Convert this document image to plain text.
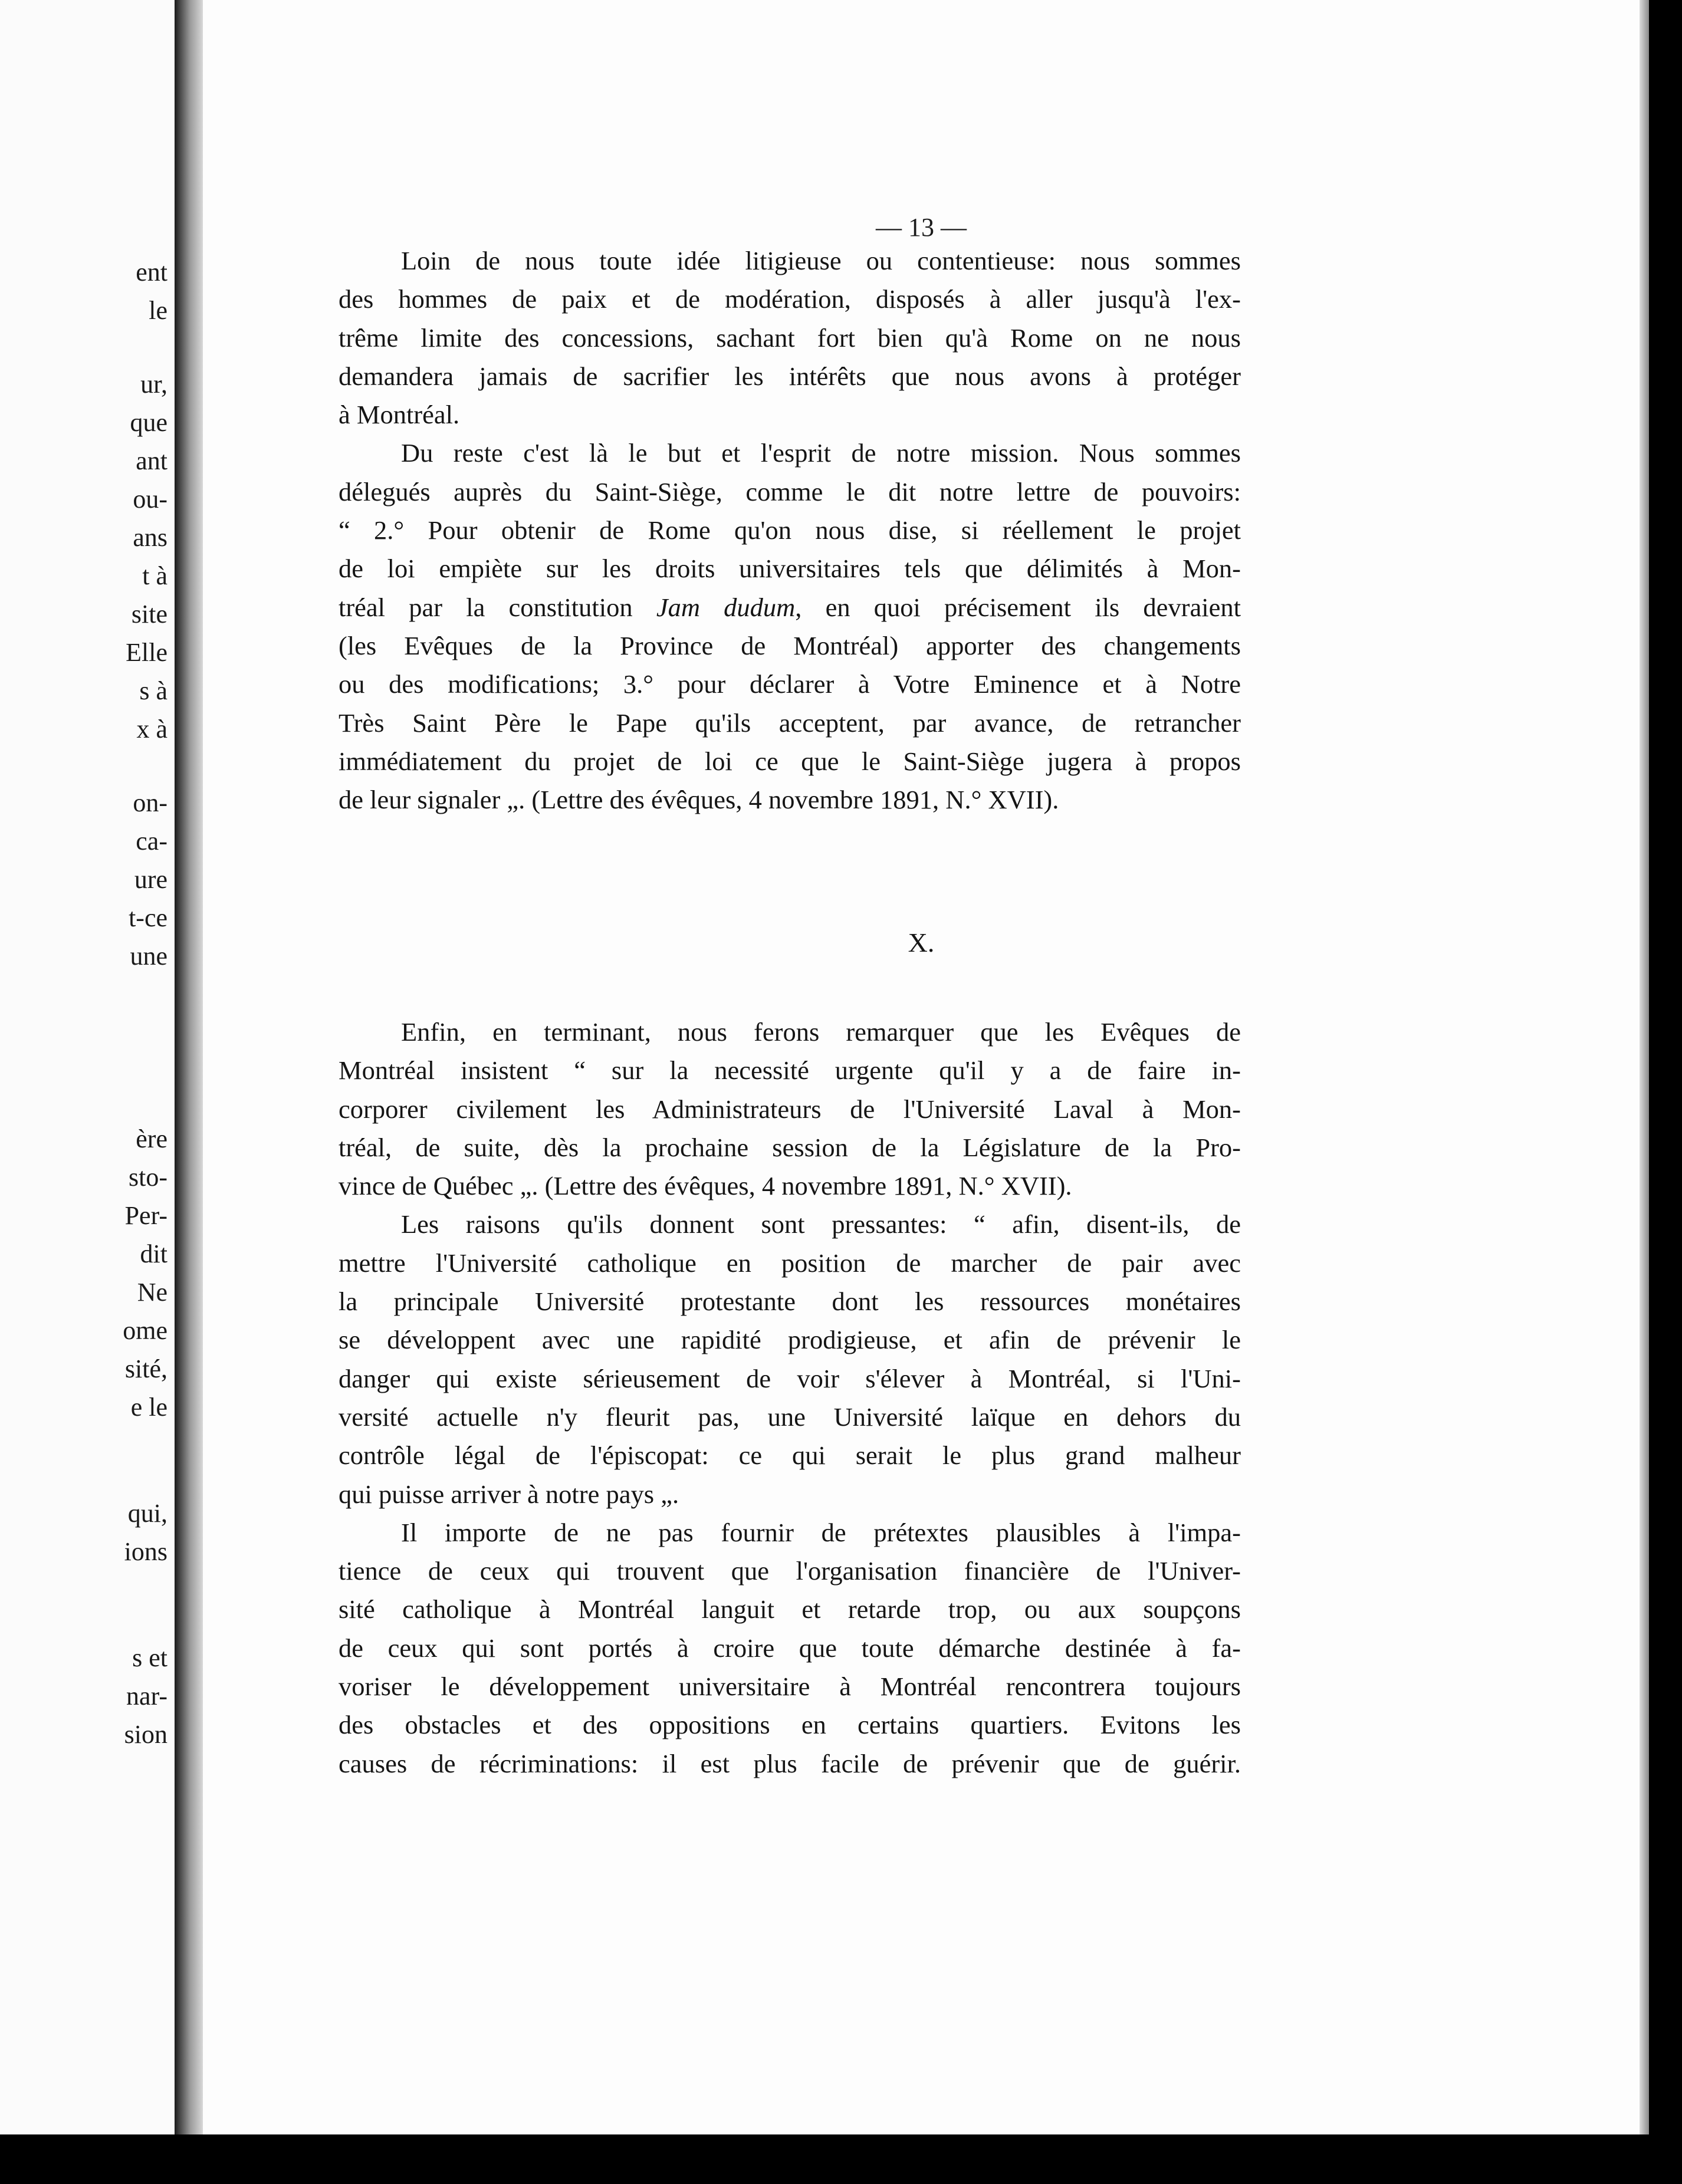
ent
le
ur,
que
ant
ou-
ans
t à
site
Elle
s à
x à
on-
ca-
ure
t-ce
une
ère
sto-
Per-
dit
Ne
ome
sité,
e le
qui,
ions
s et
nar-
sion
— 13 —
Loin de nous toute idée litigieuse ou contentieuse: nous sommes
des hommes de paix et de modération, disposés à aller jusqu'à l'ex-
trême limite des concessions, sachant fort bien qu'à Rome on ne nous
demandera jamais de sacrifier les intérêts que nous avons à protéger
à Montréal.
Du reste c'est là le but et l'esprit de notre mission. Nous sommes
délegués auprès du Saint-Siège, comme le dit notre lettre de pouvoirs:
“ 2.° Pour obtenir de Rome qu'on nous dise, si réellement le projet
de loi empiète sur les droits universitaires tels que délimités à Mon-
tréal par la constitution Jam dudum, en quoi précisement ils devraient
(les Evêques de la Province de Montréal) apporter des changements
ou des modifications; 3.° pour déclarer à Votre Eminence et à Notre
Très Saint Père le Pape qu'ils acceptent, par avance, de retrancher
immédiatement du projet de loi ce que le Saint-Siège jugera à propos
de leur signaler „. (Lettre des évêques, 4 novembre 1891, N.° XVII).
X.
Enfin, en terminant, nous ferons remarquer que les Evêques de
Montréal insistent “ sur la necessité urgente qu'il y a de faire in-
corporer civilement les Administrateurs de l'Université Laval à Mon-
tréal, de suite, dès la prochaine session de la Législature de la Pro-
vince de Québec „. (Lettre des évêques, 4 novembre 1891, N.° XVII).
Les raisons qu'ils donnent sont pressantes: “ afin, disent-ils, de
mettre l'Université catholique en position de marcher de pair avec
la principale Université protestante dont les ressources monétaires
se développent avec une rapidité prodigieuse, et afin de prévenir le
danger qui existe sérieusement de voir s'élever à Montréal, si l'Uni-
versité actuelle n'y fleurit pas, une Université laïque en dehors du
contrôle légal de l'épiscopat: ce qui serait le plus grand malheur
qui puisse arriver à notre pays „.
Il importe de ne pas fournir de prétextes plausibles à l'impa-
tience de ceux qui trouvent que l'organisation financière de l'Univer-
sité catholique à Montréal languit et retarde trop, ou aux soupçons
de ceux qui sont portés à croire que toute démarche destinée à fa-
voriser le développement universitaire à Montréal rencontrera toujours
des obstacles et des oppositions en certains quartiers. Evitons les
causes de récriminations: il est plus facile de prévenir que de guérir.
